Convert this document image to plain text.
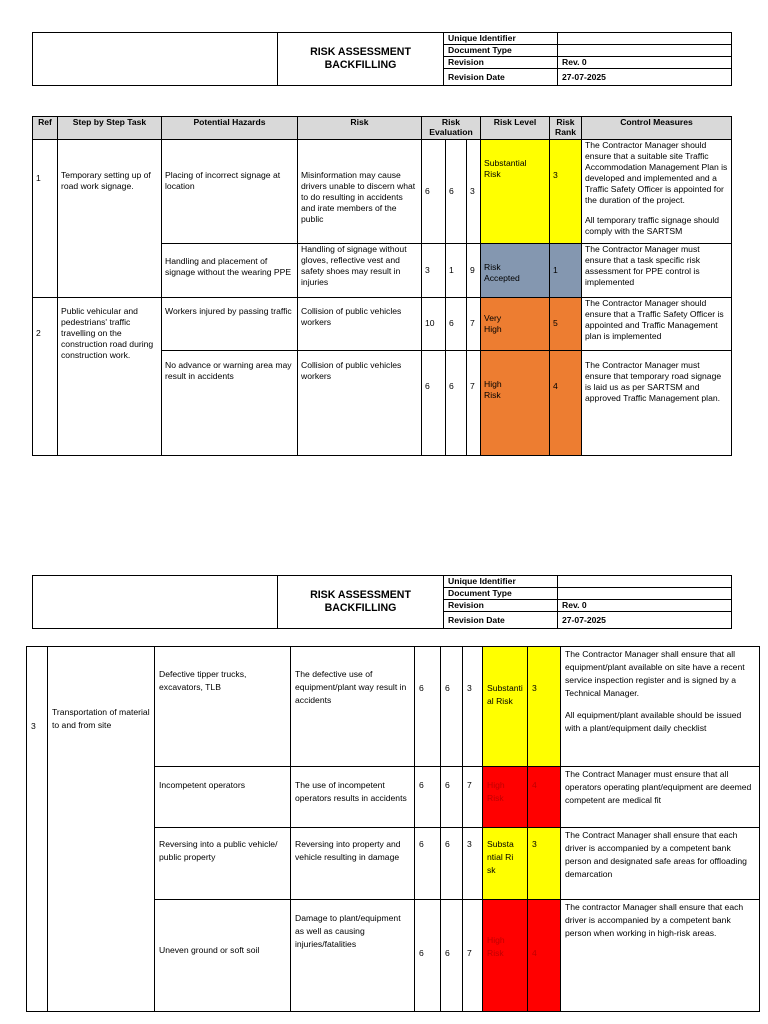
	RISK ASSESSMENT
BACKFILLING	Unique Identifier	
		Document Type	
		Revision	Rev. 0
		Revision Date	27-07-2025
Ref	Step by Step Task	Potential Hazards	Risk	Risk Evaluation			Risk Level	Risk Rank	Control Measures

1	Temporary setting up of road work signage.	Placing of incorrect signage at location	Misinformation may cause drivers unable to discern what to do resulting in accidents and irate members of the public	6	6	3	Substantial Risk	3	The Contractor Manager should ensure that a suitable site Traffic Accommodation Management Plan is developed and implemented and a Traffic Safety Officer is appointed for the duration of the project.
All temporary traffic signage should comply with the SARTSM

		Handling and placement of signage without the wearing PPE	Handling of signage without gloves, reflective vest and safety shoes may result in injuries	3	1	9	Risk Accepted	1	The Contractor Manager must ensure that a task specific risk assessment for PPE control is implemented

2	Public vehicular and pedestrians' traffic travelling on the construction road during construction work.	Workers injured by passing traffic	Collision of public vehicles workers	10	6	7	Very High	5	The Contractor Manager should ensure that a Traffic Safety Officer is appointed and Traffic Management plan is implemented

		No advance or warning area may result in accidents	Collision of public vehicles workers	6	6	7	High Risk	4	The Contractor Manager must ensure that temporary road signage is laid us as per SARTSM and approved Traffic Management plan.

	RISK ASSESSMENT
BACKFILLING	Unique Identifier	
		Document Type	
		Revision	Rev. 0
		Revision Date	27-07-2025
3	Transportation of material to and from site	Defective tipper trucks, excavators, TLB	The defective use of equipment/plant way result in accidents	6	6	3	Substantial Risk	3	The Contractor Manager shall ensure that all equipment/plant available on site have a recent service inspection register and is signed by a Technical Manager.
All equipment/plant available should be issued with a plant/equipment daily checklist

		Incompetent operators	The use of incompetent operators results in accidents	6	6	7	High Risk	4	The Contract Manager must ensure that all operators operating plant/equipment are deemed competent are medical fit

		Reversing into a public vehicle/ public property	Reversing into property and vehicle resulting in damage	6	6	3	Substantial Risk	3	The Contract Manager shall ensure that each driver is accompanied by a competent bank person and designated safe areas for offloading demarcation

		Uneven ground or soft soil	Damage to plant/equipment as well as causing injuries/fatalities	6	6	7	High Risk	4	The contractor Manager shall ensure that each driver is accompanied by a competent bank person when working in high-risk areas.
